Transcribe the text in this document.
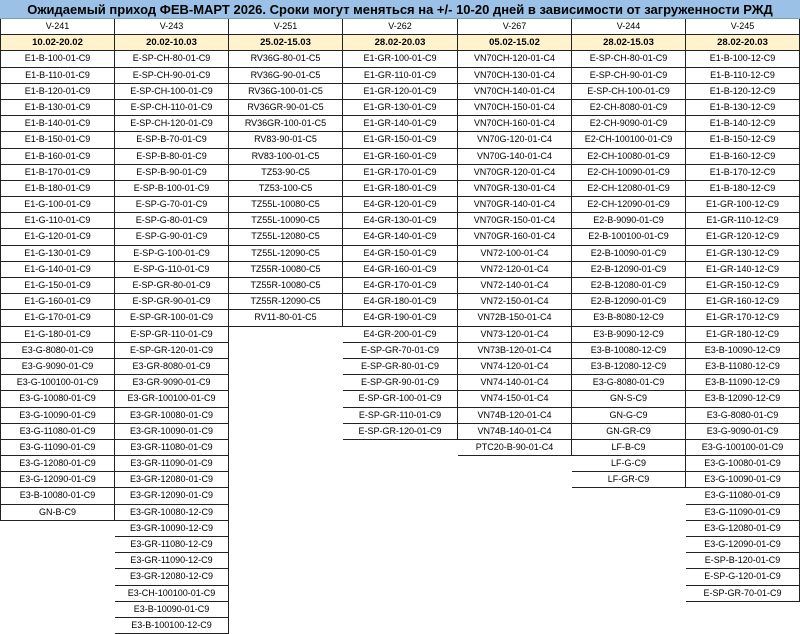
Ожидаемый приход ФЕВ-МАРТ 2026. Сроки могут меняться на +/- 10-20 дней в зависимости от загруженности РЖД
V-241
10.02-20.02
E1-B-100-01-C9
E1-B-110-01-C9
E1-B-120-01-C9
E1-B-130-01-C9
E1-B-140-01-C9
E1-B-150-01-C9
E1-B-160-01-C9
E1-B-170-01-C9
E1-B-180-01-C9
E1-G-100-01-C9
E1-G-110-01-C9
E1-G-120-01-C9
E1-G-130-01-C9
E1-G-140-01-C9
E1-G-150-01-C9
E1-G-160-01-C9
E1-G-170-01-C9
E1-G-180-01-C9
E3-G-8080-01-C9
E3-G-9090-01-C9
E3-G-100100-01-C9
E3-G-10080-01-C9
E3-G-10090-01-C9
E3-G-11080-01-C9
E3-G-11090-01-C9
E3-G-12080-01-C9
E3-G-12090-01-C9
E3-B-10080-01-C9
GN-B-C9
V-243
20.02-10.03
E-SP-CH-80-01-C9
E-SP-CH-90-01-C9
E-SP-CH-100-01-C9
E-SP-CH-110-01-C9
E-SP-CH-120-01-C9
E-SP-B-70-01-C9
E-SP-B-80-01-C9
E-SP-B-90-01-C9
E-SP-B-100-01-C9
E-SP-G-70-01-C9
E-SP-G-80-01-C9
E-SP-G-90-01-C9
E-SP-G-100-01-C9
E-SP-G-110-01-C9
E-SP-GR-80-01-C9
E-SP-GR-90-01-C9
E-SP-GR-100-01-C9
E-SP-GR-110-01-C9
E-SP-GR-120-01-C9
E3-GR-8080-01-C9
E3-GR-9090-01-C9
E3-GR-100100-01-C9
E3-GR-10080-01-C9
E3-GR-10090-01-C9
E3-GR-11080-01-C9
E3-GR-11090-01-C9
E3-GR-12080-01-C9
E3-GR-12090-01-C9
E3-GR-10080-12-C9
E3-GR-10090-12-C9
E3-GR-11080-12-C9
E3-GR-11090-12-C9
E3-GR-12080-12-C9
E3-CH-100100-01-C9
E3-B-10090-01-C9
E3-B-100100-12-C9
V-251
25.02-15.03
RV36G-80-01-C5
RV36G-90-01-C5
RV36G-100-01-C5
RV36GR-90-01-C5
RV36GR-100-01-C5
RV83-90-01-C5
RV83-100-01-C5
TZ53-90-C5
TZ53-100-C5
TZ55L-10080-C5
TZ55L-10090-C5
TZ55L-12080-C5
TZ55L-12090-C5
TZ55R-10080-C5
TZ55R-10080-C5
TZ55R-12090-C5
RV11-80-01-C5
V-262
28.02-20.03
E1-GR-100-01-C9
E1-GR-110-01-C9
E1-GR-120-01-C9
E1-GR-130-01-C9
E1-GR-140-01-C9
E1-GR-150-01-C9
E1-GR-160-01-C9
E1-GR-170-01-C9
E1-GR-180-01-C9
E4-GR-120-01-C9
E4-GR-130-01-C9
E4-GR-140-01-C9
E4-GR-150-01-C9
E4-GR-160-01-C9
E4-GR-170-01-C9
E4-GR-180-01-C9
E4-GR-190-01-C9
E4-GR-200-01-C9
E-SP-GR-70-01-C9
E-SP-GR-80-01-C9
E-SP-GR-90-01-C9
E-SP-GR-100-01-C9
E-SP-GR-110-01-C9
E-SP-GR-120-01-C9
V-267
05.02-15.02
VN70CH-120-01-C4
VN70CH-130-01-C4
VN70CH-140-01-C4
VN70CH-150-01-C4
VN70CH-160-01-C4
VN70G-120-01-C4
VN70G-140-01-C4
VN70GR-120-01-C4
VN70GR-130-01-C4
VN70GR-140-01-C4
VN70GR-150-01-C4
VN70GR-160-01-C4
VN72-100-01-C4
VN72-120-01-C4
VN72-140-01-C4
VN72-150-01-C4
VN72B-150-01-C4
VN73-120-01-C4
VN73B-120-01-C4
VN74-120-01-C4
VN74-140-01-C4
VN74-150-01-C4
VN74B-120-01-C4
VN74B-140-01-C4
PTC20-B-90-01-C4
V-244
28.02-15.03
E-SP-CH-80-01-C9
E-SP-CH-90-01-C9
E-SP-CH-100-01-C9
E2-CH-8080-01-C9
E2-CH-9090-01-C9
E2-CH-100100-01-C9
E2-CH-10080-01-C9
E2-CH-10090-01-C9
E2-CH-12080-01-C9
E2-CH-12090-01-C9
E2-B-9090-01-C9
E2-B-100100-01-C9
E2-B-10090-01-C9
E2-B-12090-01-C9
E2-B-12080-01-C9
E2-B-12090-01-C9
E3-B-8080-12-C9
E3-B-9090-12-C9
E3-B-10080-12-C9
E3-B-12080-12-C9
E3-G-8080-01-C9
GN-S-C9
GN-G-C9
GN-GR-C9
LF-B-C9
LF-G-C9
LF-GR-C9
V-245
28.02-20.03
E1-B-100-12-C9
E1-B-110-12-C9
E1-B-120-12-C9
E1-B-130-12-C9
E1-B-140-12-C9
E1-B-150-12-C9
E1-B-160-12-C9
E1-B-170-12-C9
E1-B-180-12-C9
E1-GR-100-12-C9
E1-GR-110-12-C9
E1-GR-120-12-C9
E1-GR-130-12-C9
E1-GR-140-12-C9
E1-GR-150-12-C9
E1-GR-160-12-C9
E1-GR-170-12-C9
E1-GR-180-12-C9
E3-B-10090-12-C9
E3-B-11080-12-C9
E3-B-11090-12-C9
E3-B-12090-12-C9
E3-G-8080-01-C9
E3-G-9090-01-C9
E3-G-100100-01-C9
E3-G-10080-01-C9
E3-G-10090-01-C9
E3-G-11080-01-C9
E3-G-11090-01-C9
E3-G-12080-01-C9
E3-G-12090-01-C9
E-SP-B-120-01-C9
E-SP-G-120-01-C9
E-SP-GR-70-01-C9
